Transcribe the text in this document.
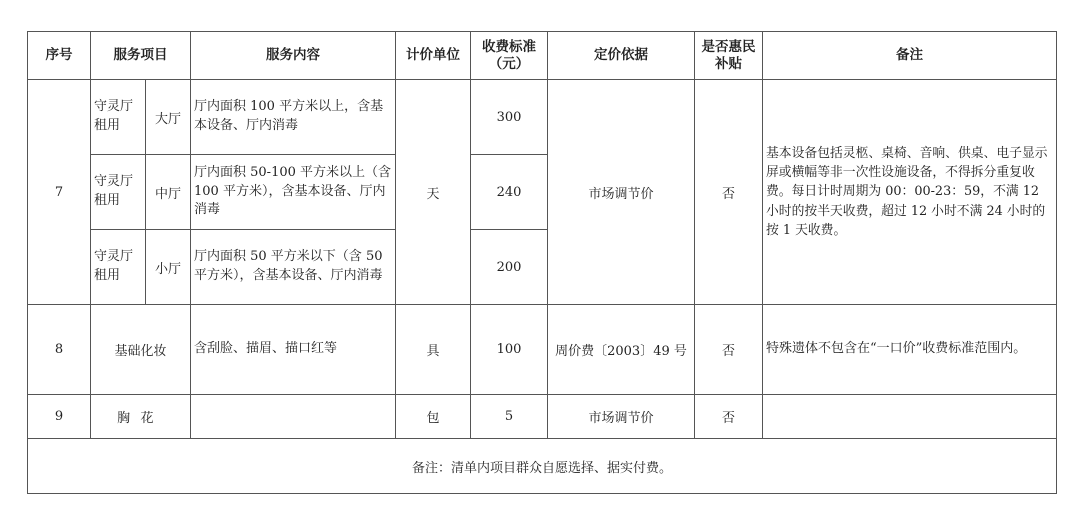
序号	服务项目		服务内容	计价单位	收费标准（元）	定价依据	是否惠民补贴	备注
7	守灵厅租用	大厅	厅内面积 100 平方米以上，含基本设备、厅内消毒	天	300	市场调节价	否	基本设备包括灵柩、桌椅、音响、供桌、电子显示屏或横幅等非一次性设施设备，不得拆分重复收费。每日计时周期为 00：00-23：59，不满 12 小时的按半天收费，超过 12 小时不满 24 小时的按 1 天收费。
	守灵厅租用	中厅	厅内面积 50-100 平方米以上（含 100 平方米），含基本设备、厅内消毒		240			
	守灵厅租用	小厅	厅内面积 50 平方米以下（含 50 平方米），含基本设备、厅内消毒		200			
8	基础化妆		含刮脸、描眉、描口红等	具	100	周价费〔2003〕49 号	否	特殊遗体不包含在“一口价”收费标准范围内。
9	胸花			包	5	市场调节价	否	
备注：清单内项目群众自愿选择、据实付费。								
